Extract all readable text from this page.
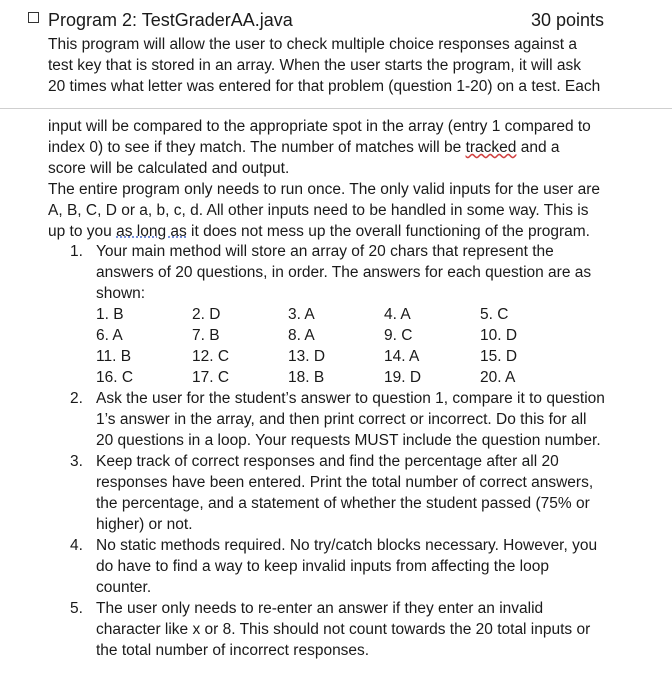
Program 2: TestGraderAA.java	30 points
This program will allow the user to check multiple choice responses against a
test key that is stored in an array. When the user starts the program, it will ask
20 times what letter was entered for that problem (question 1-20) on a test. Each
input will be compared to the appropriate spot in the array (entry 1 compared to
index 0) to see if they match. The number of matches will be tracked and a
score will be calculated and output.
The entire program only needs to run once. The only valid inputs for the user are
A, B, C, D or a, b, c, d. All other inputs need to be handled in some way. This is
up to you as long as it does not mess up the overall functioning of the program.
1. Your main method will store an array of 20 chars that represent the
answers of 20 questions, in order. The answers for each question are as
shown:
1. B	2. D	3. A	4. A	5. C
6. A	7. B	8. A	9. C	10. D
11. B	12. C	13. D	14. A	15. D
16. C	17. C	18. B	19. D	20. A
2. Ask the user for the student’s answer to question 1, compare it to question
1’s answer in the array, and then print correct or incorrect. Do this for all
20 questions in a loop. Your requests MUST include the question number.
3. Keep track of correct responses and find the percentage after all 20
responses have been entered. Print the total number of correct answers,
the percentage, and a statement of whether the student passed (75% or
higher) or not.
4. No static methods required. No try/catch blocks necessary. However, you
do have to find a way to keep invalid inputs from affecting the loop
counter.
5. The user only needs to re-enter an answer if they enter an invalid
character like x or 8. This should not count towards the 20 total inputs or
the total number of incorrect responses.
